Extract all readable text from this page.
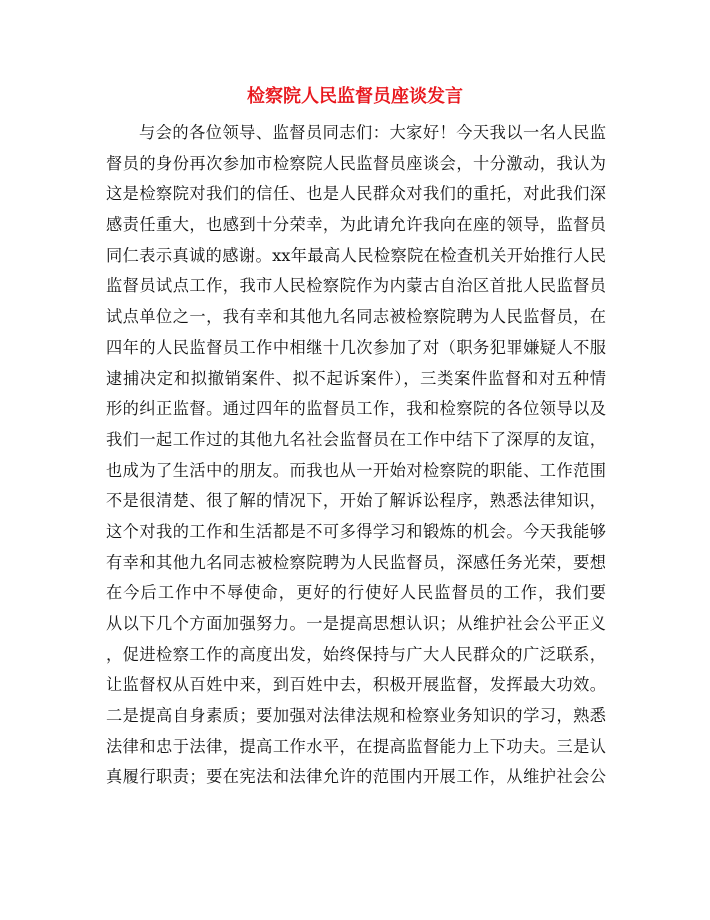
检察院人民监督员座谈发言
与会的各位领导、监督员同志们：大家好！今天我以一名人民监
督员的身份再次参加市检察院人民监督员座谈会，十分激动，我认为
这是检察院对我们的信任、也是人民群众对我们的重托，对此我们深
感责任重大，也感到十分荣幸，为此请允许我向在座的领导，监督员
同仁表示真诚的感谢。xx年最高人民检察院在检查机关开始推行人民
监督员试点工作，我市人民检察院作为内蒙古自治区首批人民监督员
试点单位之一，我有幸和其他九名同志被检察院聘为人民监督员，在
四年的人民监督员工作中相继十几次参加了对（职务犯罪嫌疑人不服
逮捕决定和拟撤销案件、拟不起诉案件），三类案件监督和对五种情
形的纠正监督。通过四年的监督员工作，我和检察院的各位领导以及
我们一起工作过的其他九名社会监督员在工作中结下了深厚的友谊，
也成为了生活中的朋友。而我也从一开始对检察院的职能、工作范围
不是很清楚、很了解的情况下，开始了解诉讼程序，熟悉法律知识，
这个对我的工作和生活都是不可多得学习和锻炼的机会。今天我能够
有幸和其他九名同志被检察院聘为人民监督员，深感任务光荣，要想
在今后工作中不辱使命，更好的行使好人民监督员的工作，我们要
从以下几个方面加强努力。一是提高思想认识；从维护社会公平正义
，促进检察工作的高度出发，始终保持与广大人民群众的广泛联系，
让监督权从百姓中来，到百姓中去，积极开展监督，发挥最大功效。
二是提高自身素质；要加强对法律法规和检察业务知识的学习，熟悉
法律和忠于法律，提高工作水平，在提高监督能力上下功夫。三是认
真履行职责；要在宪法和法律允许的范围内开展工作，从维护社会公
